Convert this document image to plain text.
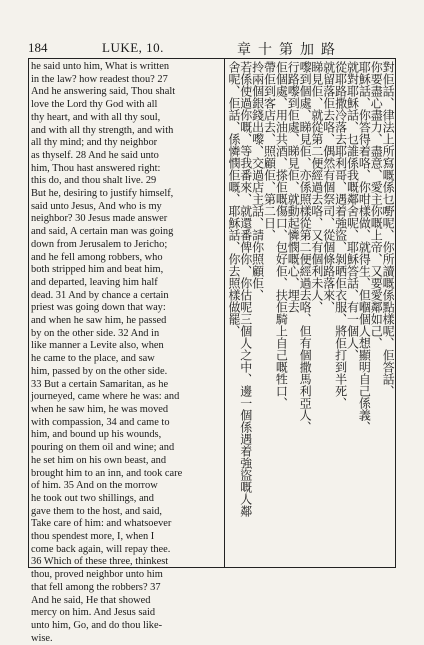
184	LUKE, 10.	章十第加路

he said unto him, What is written

in the law? how readest thou? 27

And he answering said, Thou shalt

love the Lord thy God with all

thy heart, and with all thy soul,

and with all thy strength, and with

all thy mind; and thy neighbor

as thyself. 28 And he said unto

him, Thou hast answered right:

this do, and thou shalt live. 29

But he, desiring to justify himself,

said unto Jesus, And who is my

neighbor? 30 Jesus made answer

and said, A certain man was going

down from Jerusalem to Jericho;

and he fell among robbers, who

both stripped him and beat him,

and departed, leaving him half

dead. 31 And by chance a certain

priest was going down that way:

and when he saw him, he passed

by on the other side. 32 And in

like manner a Levite also, when

he came to the place, and saw

him, passed by on the other side.

33 But a certain Samaritan, as he

journeyed, came where he was: and

when he saw him, he was moved

with compassion, 34 and came to

him, and bound up his wounds,

pouring on them oil and wine; and

he set him on his own beast, and

brought him to an inn, and took care

of him. 35 And on the morrow

he took out two shillings, and

gave them to the host, and said,

Take care of him: and whatsoever

thou spendest more, I, when I

come back again, will repay thee.

36 Which of these three, thinkest

thou, proved neighbor unto him

that fell among the robbers? 37

And he said, He that showed

mercy on him. And Jesus said

unto him, Go, and do thou like-

wise.

對佢話、律法上所寫嘅係乜嘢呢、你所讀嘅係點樣呢、佢答話、
你要盡心盡力、盡意、愛主你嘅上帝、又要愛鄰如己、
耶穌話、你答得着咯、你咁樣做、就得生、但嗰個人想顯明自己係義、
就對耶穌話、乜誰係我嘅鄰舍呢、耶穌答話、有一個人、
從耶路撒冷落去耶利哥、遇着強盜、剝晒佢衣服、將佢打到半死、
就留落佢去咯、偶然有個祭司、從個條路落來、
睇見佢、就從第二便經過去咯、又有個利未人、
嚟到個處、睇見佢、亦係照樣從第二便經過去咯、但有個撒馬利亞人、
行路嚟到佢處、睇見佢、就動起憐憫嘅心、埋去
佢個處、用油共酒、搽佢嘅傷口、包好佢、扶佢騎上自己嘅牲口、
帶佢到客店去、照顧佢、第二日、
拎兩個銀錢出嚟、交過店主話、請你照顧佢、
若係使過你嘅、等我番來、就還番俾你、你估呢三個人之中、邊一個係遇着強盜嘅人鄰
舍呢、佢話、係憐憫佢嘅、耶穌話、你去照樣做罷、
